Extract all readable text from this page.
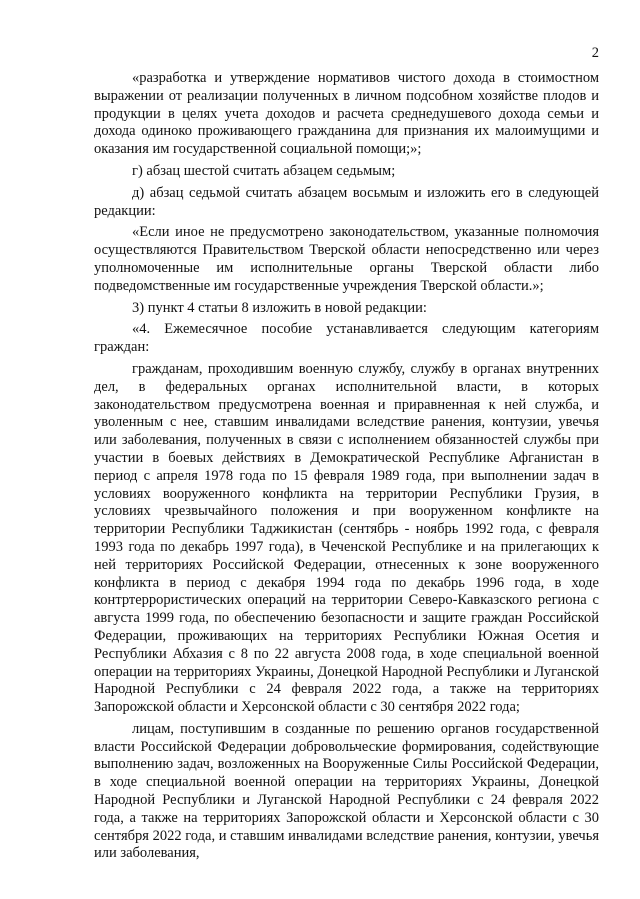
2

«разработка и утверждение нормативов чистого дохода в стоимостном выражении от реализации полученных в личном подсобном хозяйстве плодов и продукции в целях учета доходов и расчета среднедушевого дохода семьи и дохода одиноко проживающего гражданина для признания их малоимущими и оказания им государственной социальной помощи;»;

г) абзац шестой считать абзацем седьмым;

д) абзац седьмой считать абзацем восьмым и изложить его в следующей редакции:

«Если иное не предусмотрено законодательством, указанные полномочия осуществляются Правительством Тверской области непосредственно или через уполномоченные им исполнительные органы Тверской области либо подведомственные им государственные учреждения Тверской области.»;

3) пункт 4 статьи 8 изложить в новой редакции:

«4. Ежемесячное пособие устанавливается следующим категориям граждан:

гражданам, проходившим военную службу, службу в органах внутренних дел, в федеральных органах исполнительной власти, в которых законодательством предусмотрена военная и приравненная к ней служба, и уволенным с нее, ставшим инвалидами вследствие ранения, контузии, увечья или заболевания, полученных в связи с исполнением обязанностей службы при участии в боевых действиях в Демократической Республике Афганистан в период с апреля 1978 года по 15 февраля 1989 года, при выполнении задач в условиях вооруженного конфликта на территории Республики Грузия, в условиях чрезвычайного положения и при вооруженном конфликте на территории Республики Таджикистан (сентябрь - ноябрь 1992 года, с февраля 1993 года по декабрь 1997 года), в Чеченской Республике и на прилегающих к ней территориях Российской Федерации, отнесенных к зоне вооруженного конфликта в период с декабря 1994 года по декабрь 1996 года, в ходе контртеррористических операций на территории Северо-Кавказского региона с августа 1999 года, по обеспечению безопасности и защите граждан Российской Федерации, проживающих на территориях Республики Южная Осетия и Республики Абхазия с 8 по 22 августа 2008 года, в ходе специальной военной операции на территориях Украины, Донецкой Народной Республики и Луганской Народной Республики с 24 февраля 2022 года, а также на территориях Запорожской области и Херсонской области с 30 сентября 2022 года;

лицам, поступившим в созданные по решению органов государственной власти Российской Федерации добровольческие формирования, содействующие выполнению задач, возложенных на Вооруженные Силы Российской Федерации, в ходе специальной военной операции на территориях Украины, Донецкой Народной Республики и Луганской Народной Республики с 24 февраля 2022 года, а также на территориях Запорожской области и Херсонской области с 30 сентября 2022 года, и ставшим инвалидами вследствие ранения, контузии, увечья или заболевания,
